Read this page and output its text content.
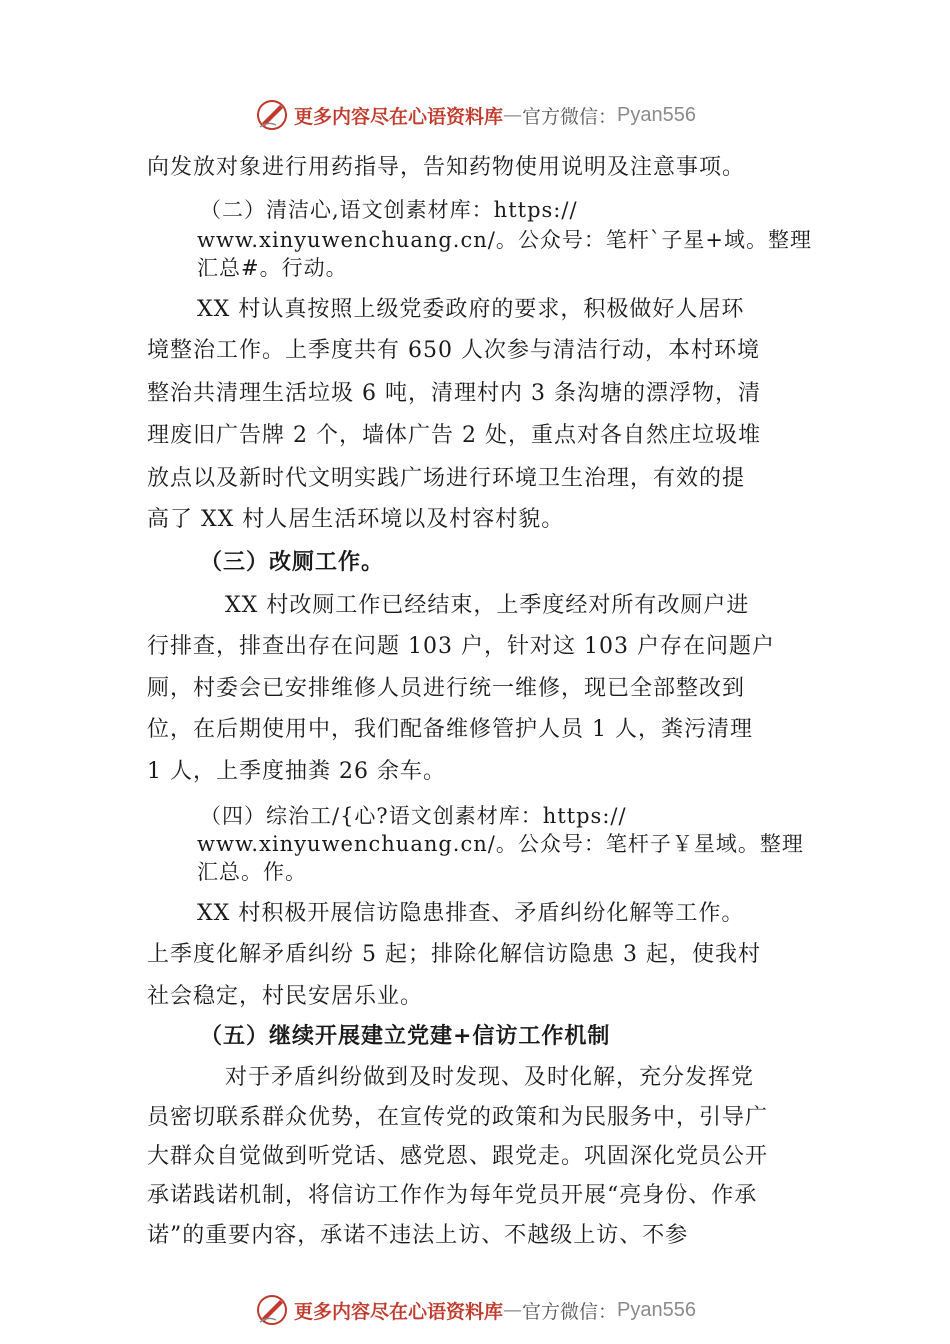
更多内容尽在心语资料库 — 官方微信： Pyan556
向发放对象进行用药指导，告知药物使用说明及注意事项。
（二）清洁心,语文创素材库：https://
www.xinyuwenchuang.cn/。公众号：笔杆`子星+域。整理
汇总#。行动。
XX 村认真按照上级党委政府的要求，积极做好人居环
境整治工作。上季度共有 650 人次参与清洁行动，本村环境
整治共清理生活垃圾 6 吨，清理村内 3 条沟塘的漂浮物，清
理废旧广告牌 2 个，墙体广告 2 处，重点对各自然庄垃圾堆
放点以及新时代文明实践广场进行环境卫生治理，有效的提
高了 XX 村人居生活环境以及村容村貌。
（三）改厕工作。
XX 村改厕工作已经结束，上季度经对所有改厕户进
行排查，排查出存在问题 103 户，针对这 103 户存在问题户
厕，村委会已安排维修人员进行统一维修，现已全部整改到
位，在后期使用中，我们配备维修管护人员 1 人，粪污清理
1 人，上季度抽粪 26 余车。
（四）综治工/{心?语文创素材库：https://
www.xinyuwenchuang.cn/。公众号：笔杆子￥星域。整理
汇总。作。
XX 村积极开展信访隐患排查、矛盾纠纷化解等工作。
上季度化解矛盾纠纷 5 起；排除化解信访隐患 3 起，使我村
社会稳定，村民安居乐业。
（五）继续开展建立党建+信访工作机制
对于矛盾纠纷做到及时发现、及时化解，充分发挥党
员密切联系群众优势，在宣传党的政策和为民服务中，引导广
大群众自觉做到听党话、感党恩、跟党走。巩固深化党员公开
承诺践诺机制，将信访工作作为每年党员开展“亮身份、作承
诺”的重要内容，承诺不违法上访、不越级上访、不参
更多内容尽在心语资料库 — 官方微信： Pyan556
